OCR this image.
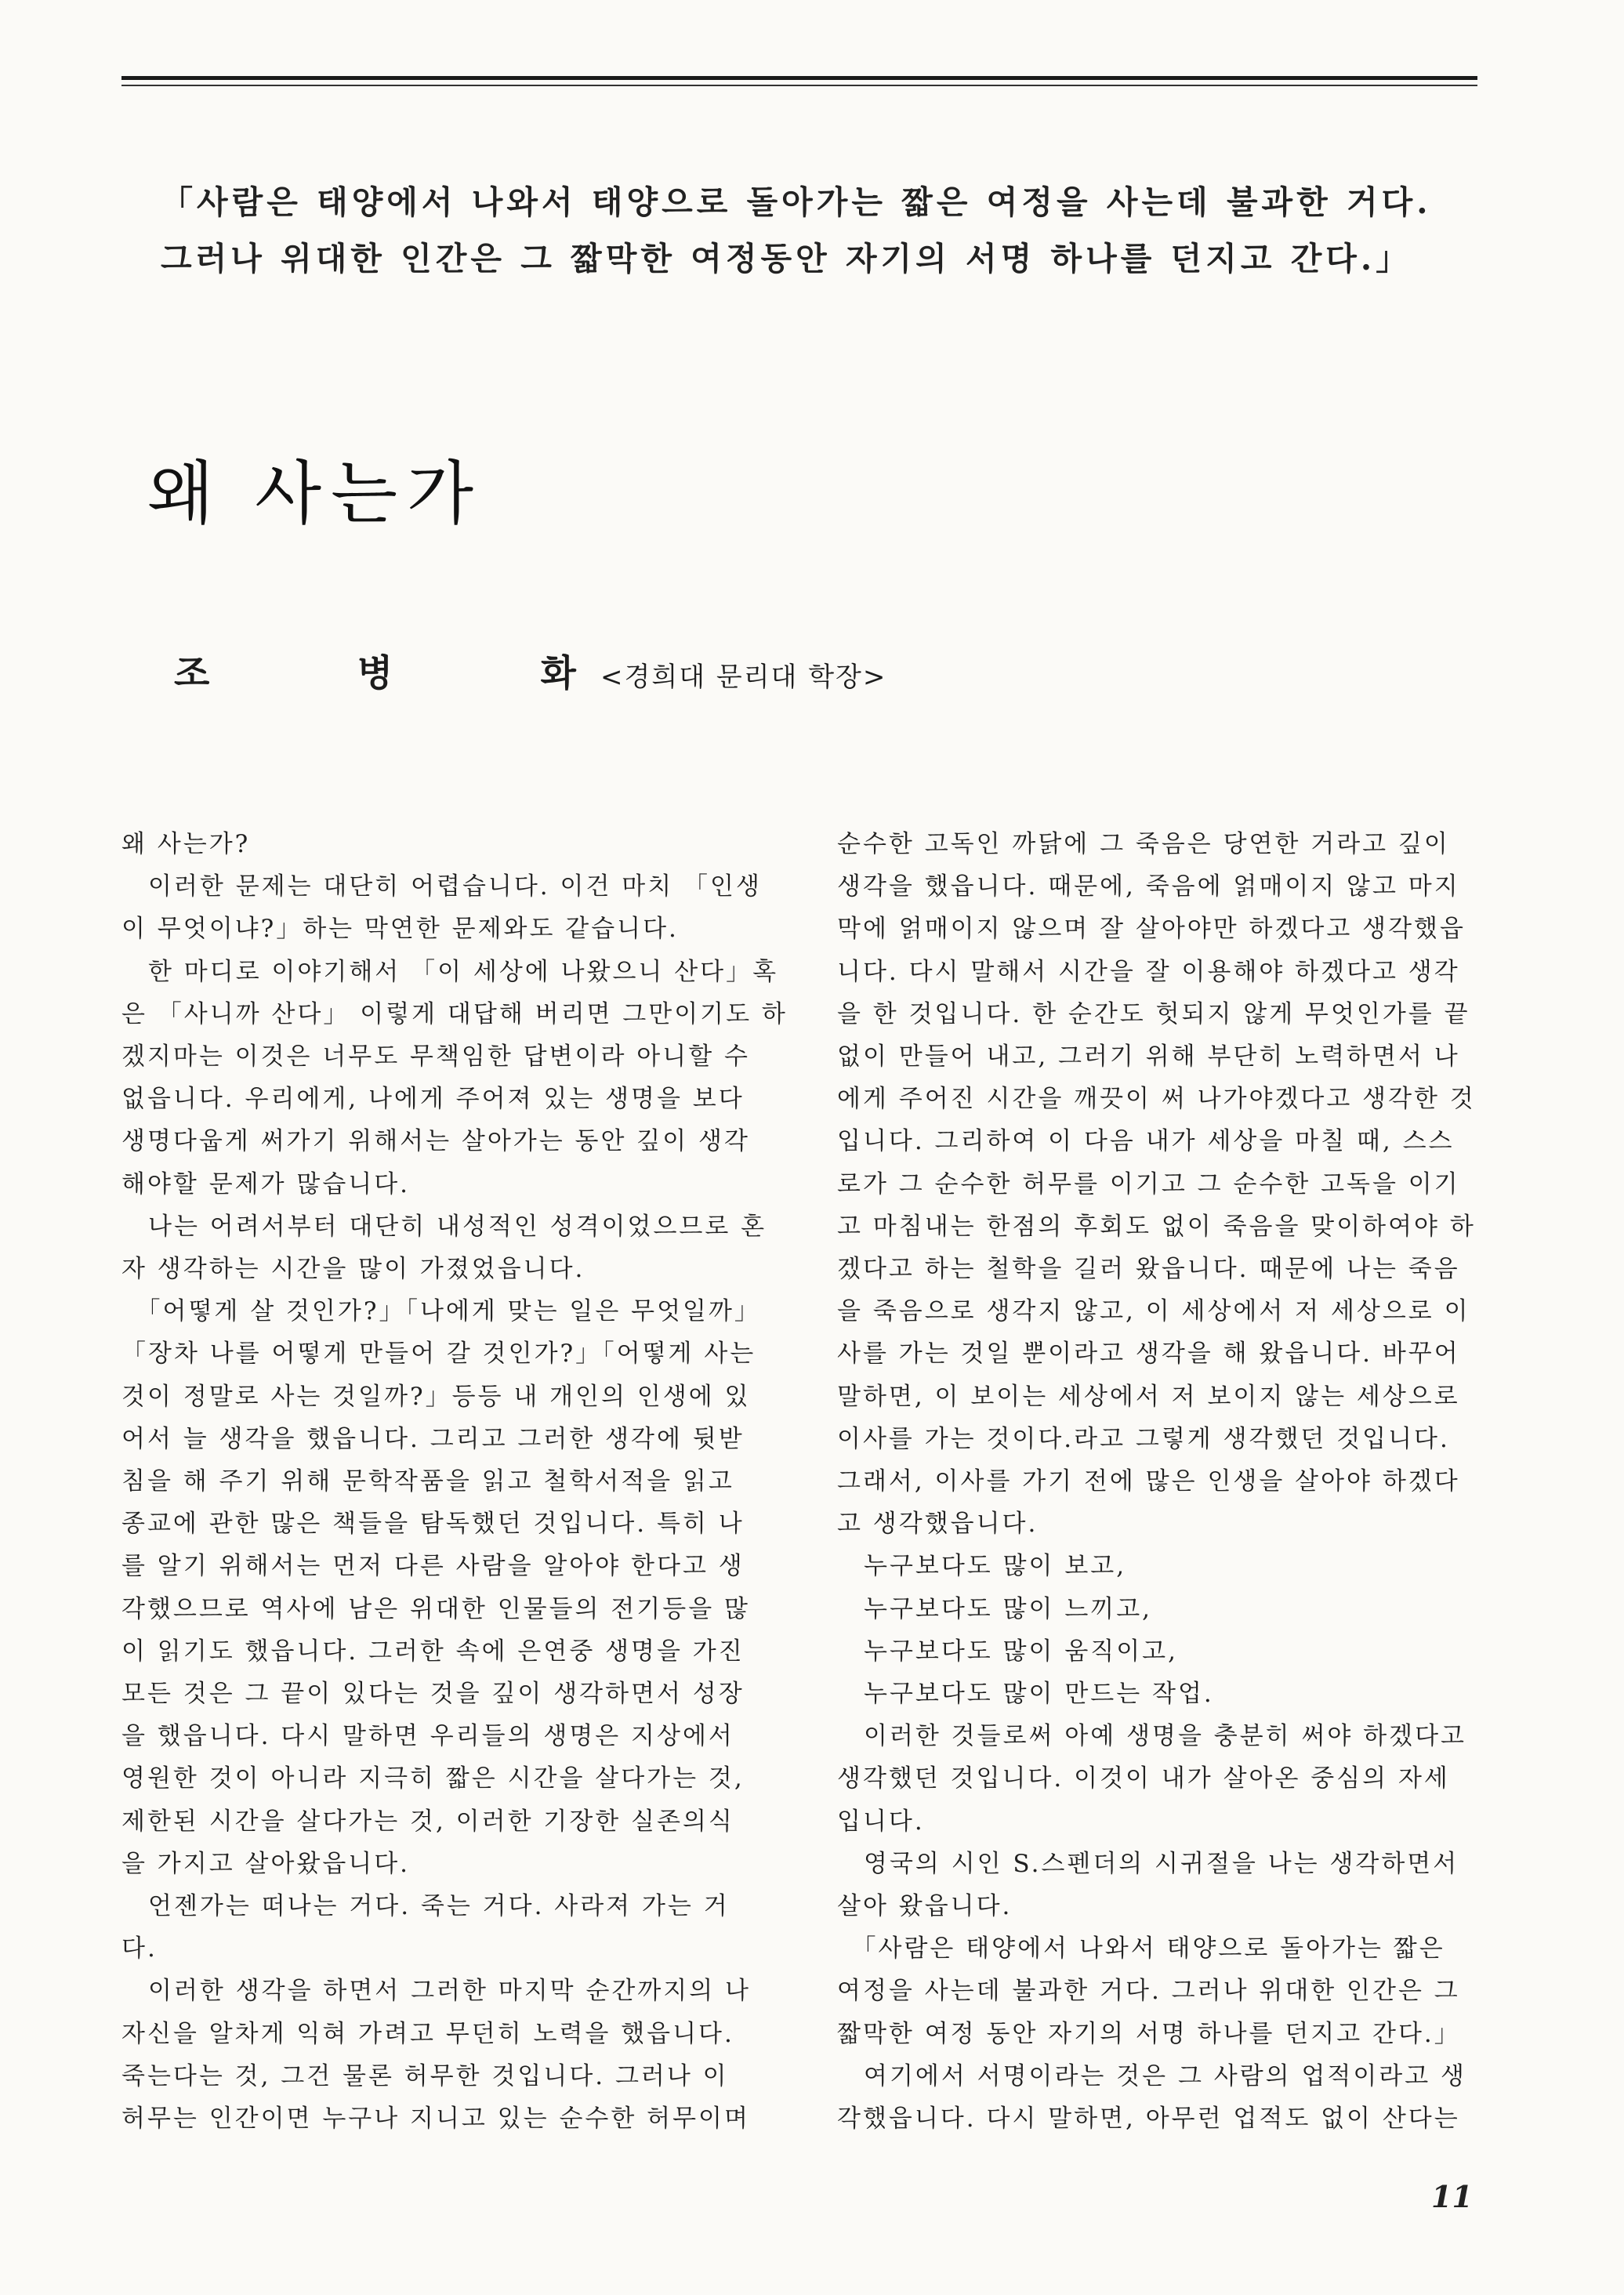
「사람은 태양에서 나와서 태양으로 돌아가는 짧은 여정을 사는데 불과한 거다.
그러나 위대한 인간은 그 짧막한 여정동안 자기의 서명 하나를 던지고 간다.」
왜 사는가
조 병 화 <경희대 문리대 학장>
왜 사는가?
　이러한 문제는 대단히 어렵습니다. 이건 마치 「인생
이 무엇이냐?」하는 막연한 문제와도 같습니다.
　한 마디로 이야기해서 「이 세상에 나왔으니 산다」혹
은 「사니까 산다」 이렇게 대답해 버리면 그만이기도 하
겠지마는 이것은 너무도 무책임한 답변이라 아니할 수
없읍니다. 우리에게, 나에게 주어져 있는 생명을 보다
생명다웁게 써가기 위해서는 살아가는 동안 깊이 생각
해야할 문제가 많습니다.
　나는 어려서부터 대단히 내성적인 성격이었으므로 혼
자 생각하는 시간을 많이 가졌었읍니다.
　「어떻게 살 것인가?」「나에게 맞는 일은 무엇일까」
「장차 나를 어떻게 만들어 갈 것인가?」「어떻게 사는
것이 정말로 사는 것일까?」등등 내 개인의 인생에 있
어서 늘 생각을 했읍니다. 그리고 그러한 생각에 뒷받
침을 해 주기 위해 문학작품을 읽고 철학서적을 읽고
종교에 관한 많은 책들을 탐독했던 것입니다. 특히 나
를 알기 위해서는 먼저 다른 사람을 알아야 한다고 생
각했으므로 역사에 남은 위대한 인물들의 전기등을 많
이 읽기도 했읍니다. 그러한 속에 은연중 생명을 가진
모든 것은 그 끝이 있다는 것을 깊이 생각하면서 성장
을 했읍니다. 다시 말하면 우리들의 생명은 지상에서
영원한 것이 아니라 지극히 짧은 시간을 살다가는 것,
제한된 시간을 살다가는 것, 이러한 기장한 실존의식
을 가지고 살아왔읍니다.
　언젠가는 떠나는 거다. 죽는 거다. 사라져 가는 거
다.
　이러한 생각을 하면서 그러한 마지막 순간까지의 나
자신을 알차게 익혀 가려고 무던히 노력을 했읍니다.
죽는다는 것, 그건 물론 허무한 것입니다. 그러나 이
허무는 인간이면 누구나 지니고 있는 순수한 허무이며
순수한 고독인 까닭에 그 죽음은 당연한 거라고 깊이
생각을 했읍니다. 때문에, 죽음에 얽매이지 않고 마지
막에 얽매이지 않으며 잘 살아야만 하겠다고 생각했읍
니다. 다시 말해서 시간을 잘 이용해야 하겠다고 생각
을 한 것입니다. 한 순간도 헛되지 않게 무엇인가를 끝
없이 만들어 내고, 그러기 위해 부단히 노력하면서 나
에게 주어진 시간을 깨끗이 써 나가야겠다고 생각한 것
입니다. 그리하여 이 다음 내가 세상을 마칠 때, 스스
로가 그 순수한 허무를 이기고 그 순수한 고독을 이기
고 마침내는 한점의 후회도 없이 죽음을 맞이하여야 하
겠다고 하는 철학을 길러 왔읍니다. 때문에 나는 죽음
을 죽음으로 생각지 않고, 이 세상에서 저 세상으로 이
사를 가는 것일 뿐이라고 생각을 해 왔읍니다. 바꾸어
말하면, 이 보이는 세상에서 저 보이지 않는 세상으로
이사를 가는 것이다.라고 그렇게 생각했던 것입니다.
그래서, 이사를 가기 전에 많은 인생을 살아야 하겠다
고 생각했읍니다.
　누구보다도 많이 보고,
　누구보다도 많이 느끼고,
　누구보다도 많이 움직이고,
　누구보다도 많이 만드는 작업.
　이러한 것들로써 아예 생명을 충분히 써야 하겠다고
생각했던 것입니다. 이것이 내가 살아온 중심의 자세
입니다.
　영국의 시인 S.스펜더의 시귀절을 나는 생각하면서
살아 왔읍니다.
　「사람은 태양에서 나와서 태양으로 돌아가는 짧은
여정을 사는데 불과한 거다. 그러나 위대한 인간은 그
짧막한 여정 동안 자기의 서명 하나를 던지고 간다.」
　여기에서 서명이라는 것은 그 사람의 업적이라고 생
각했읍니다. 다시 말하면, 아무런 업적도 없이 산다는
11
